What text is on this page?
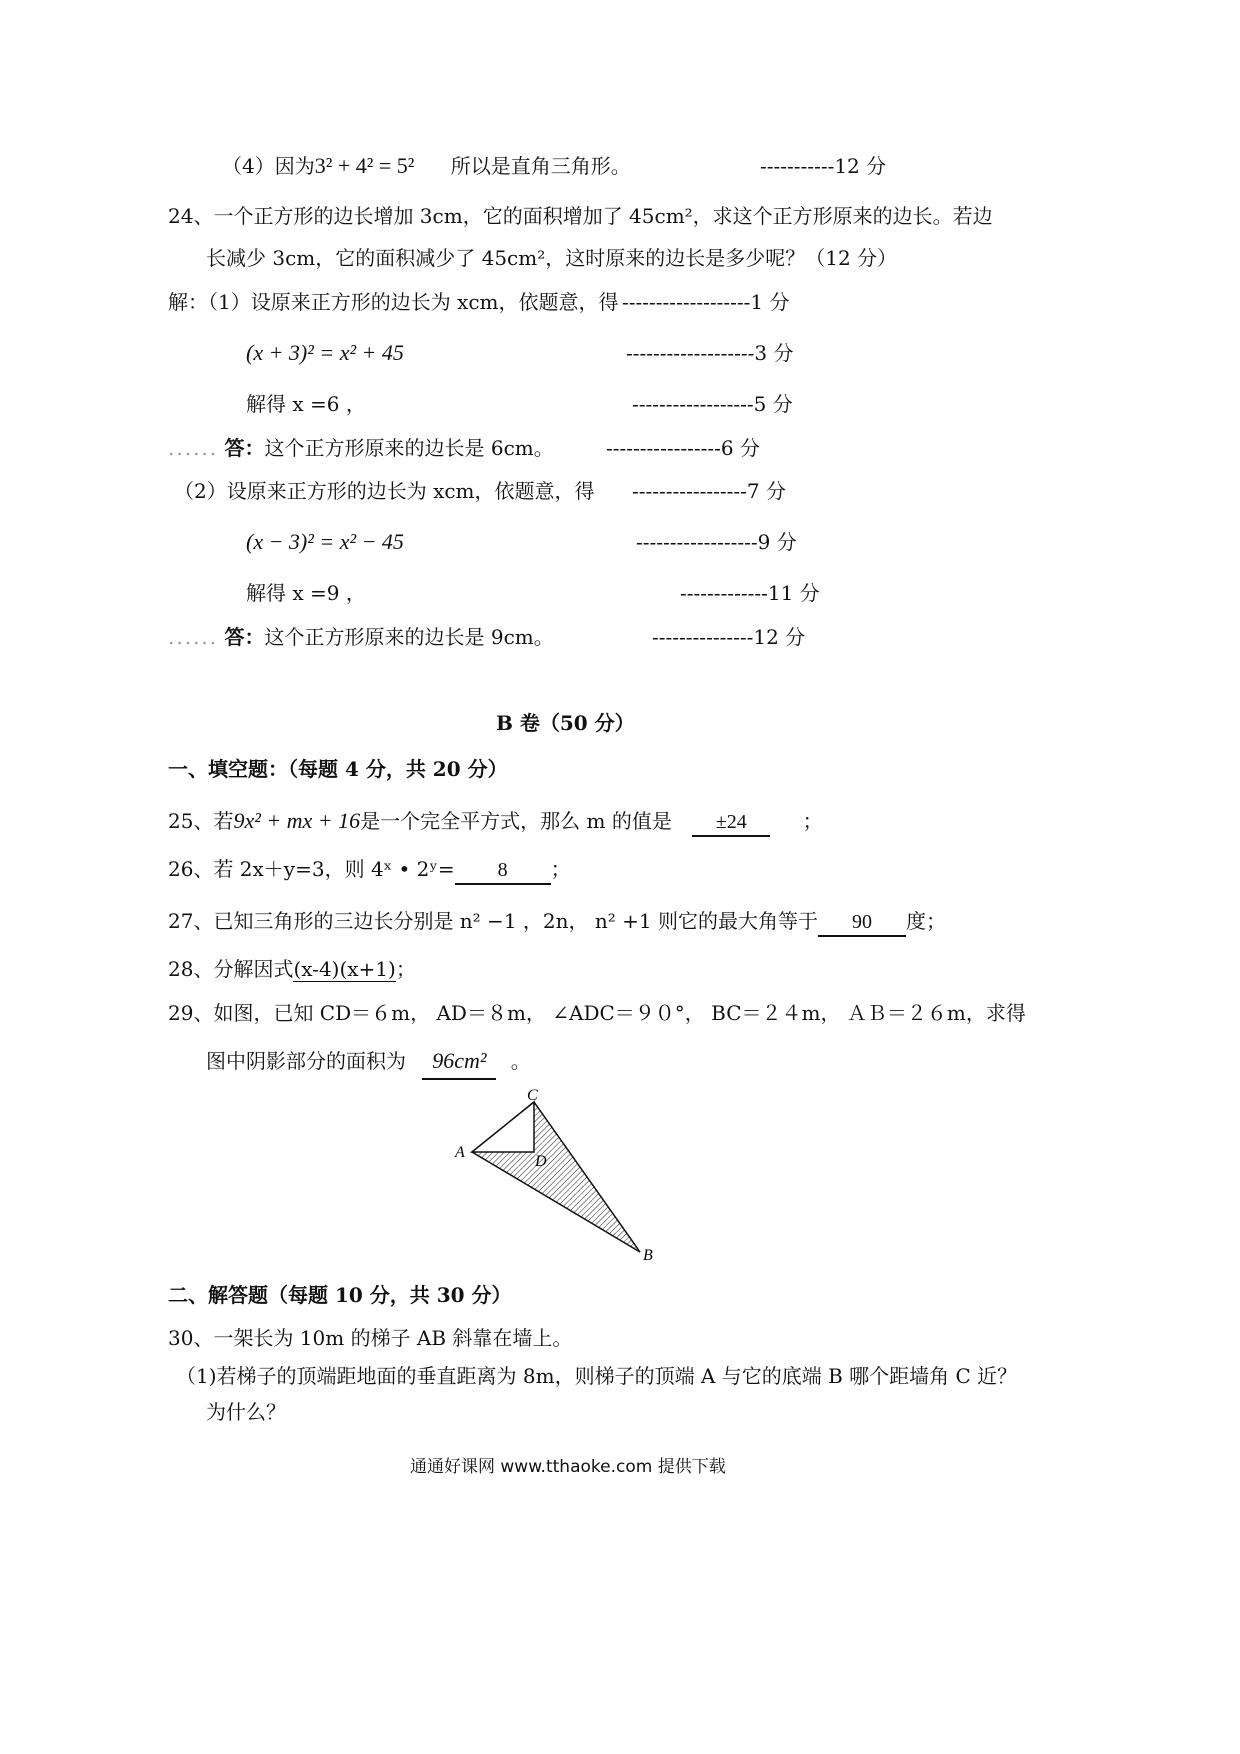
（4）因为3² + 4² = 5² 所以是直角三角形。	-----------12 分
24、一个正方形的边长增加 3cm，它的面积增加了 45cm²，求这个正方形原来的边长。若边
长减少 3cm，它的面积减少了 45cm²，这时原来的边长是多少呢？（12 分）
解：（1）设原来正方形的边长为 xcm，依题意，得 -------------------1 分
(x + 3)² = x² + 45	-------------------3 分
解得 x =6 ，	------------------5 分
...... 答：这个正方形原来的边长是 6cm。	-----------------6 分
（2）设原来正方形的边长为 xcm，依题意，得 -----------------7 分
(x − 3)² = x² − 45	------------------9 分
解得 x =9 ，	-------------11 分
...... 答：这个正方形原来的边长是 9cm。	---------------12 分
B 卷（50 分）
一、填空题：（每题 4 分，共 20 分）
25、若9x² + mx + 16是一个完全平方式，那么 m 的值是 ±24	；
26、若 2x＋y=3，则 4ˣ • 2ʸ= 8 ；
27、已知三角形的三边长分别是 n² −1 ，2n， n² +1 则它的最大角等于 90 度；
28、分解因式(x-4)(x+1)；
29、如图，已知 CD＝６m， AD＝８m， ∠ADC＝９０°， BC＝２４m， ＡＢ＝２６m，求得
图中阴影部分的面积为 96cm² 。
C
A
D
B
二、解答题（每题 10 分，共 30 分）
30、一架长为 10m 的梯子 AB 斜靠在墙上。
（1)若梯子的顶端距地面的垂直距离为 8m，则梯子的顶端 A 与它的底端 B 哪个距墙角 C 近？
为什么？
通通好课网 www.tthaoke.com 提供下载
